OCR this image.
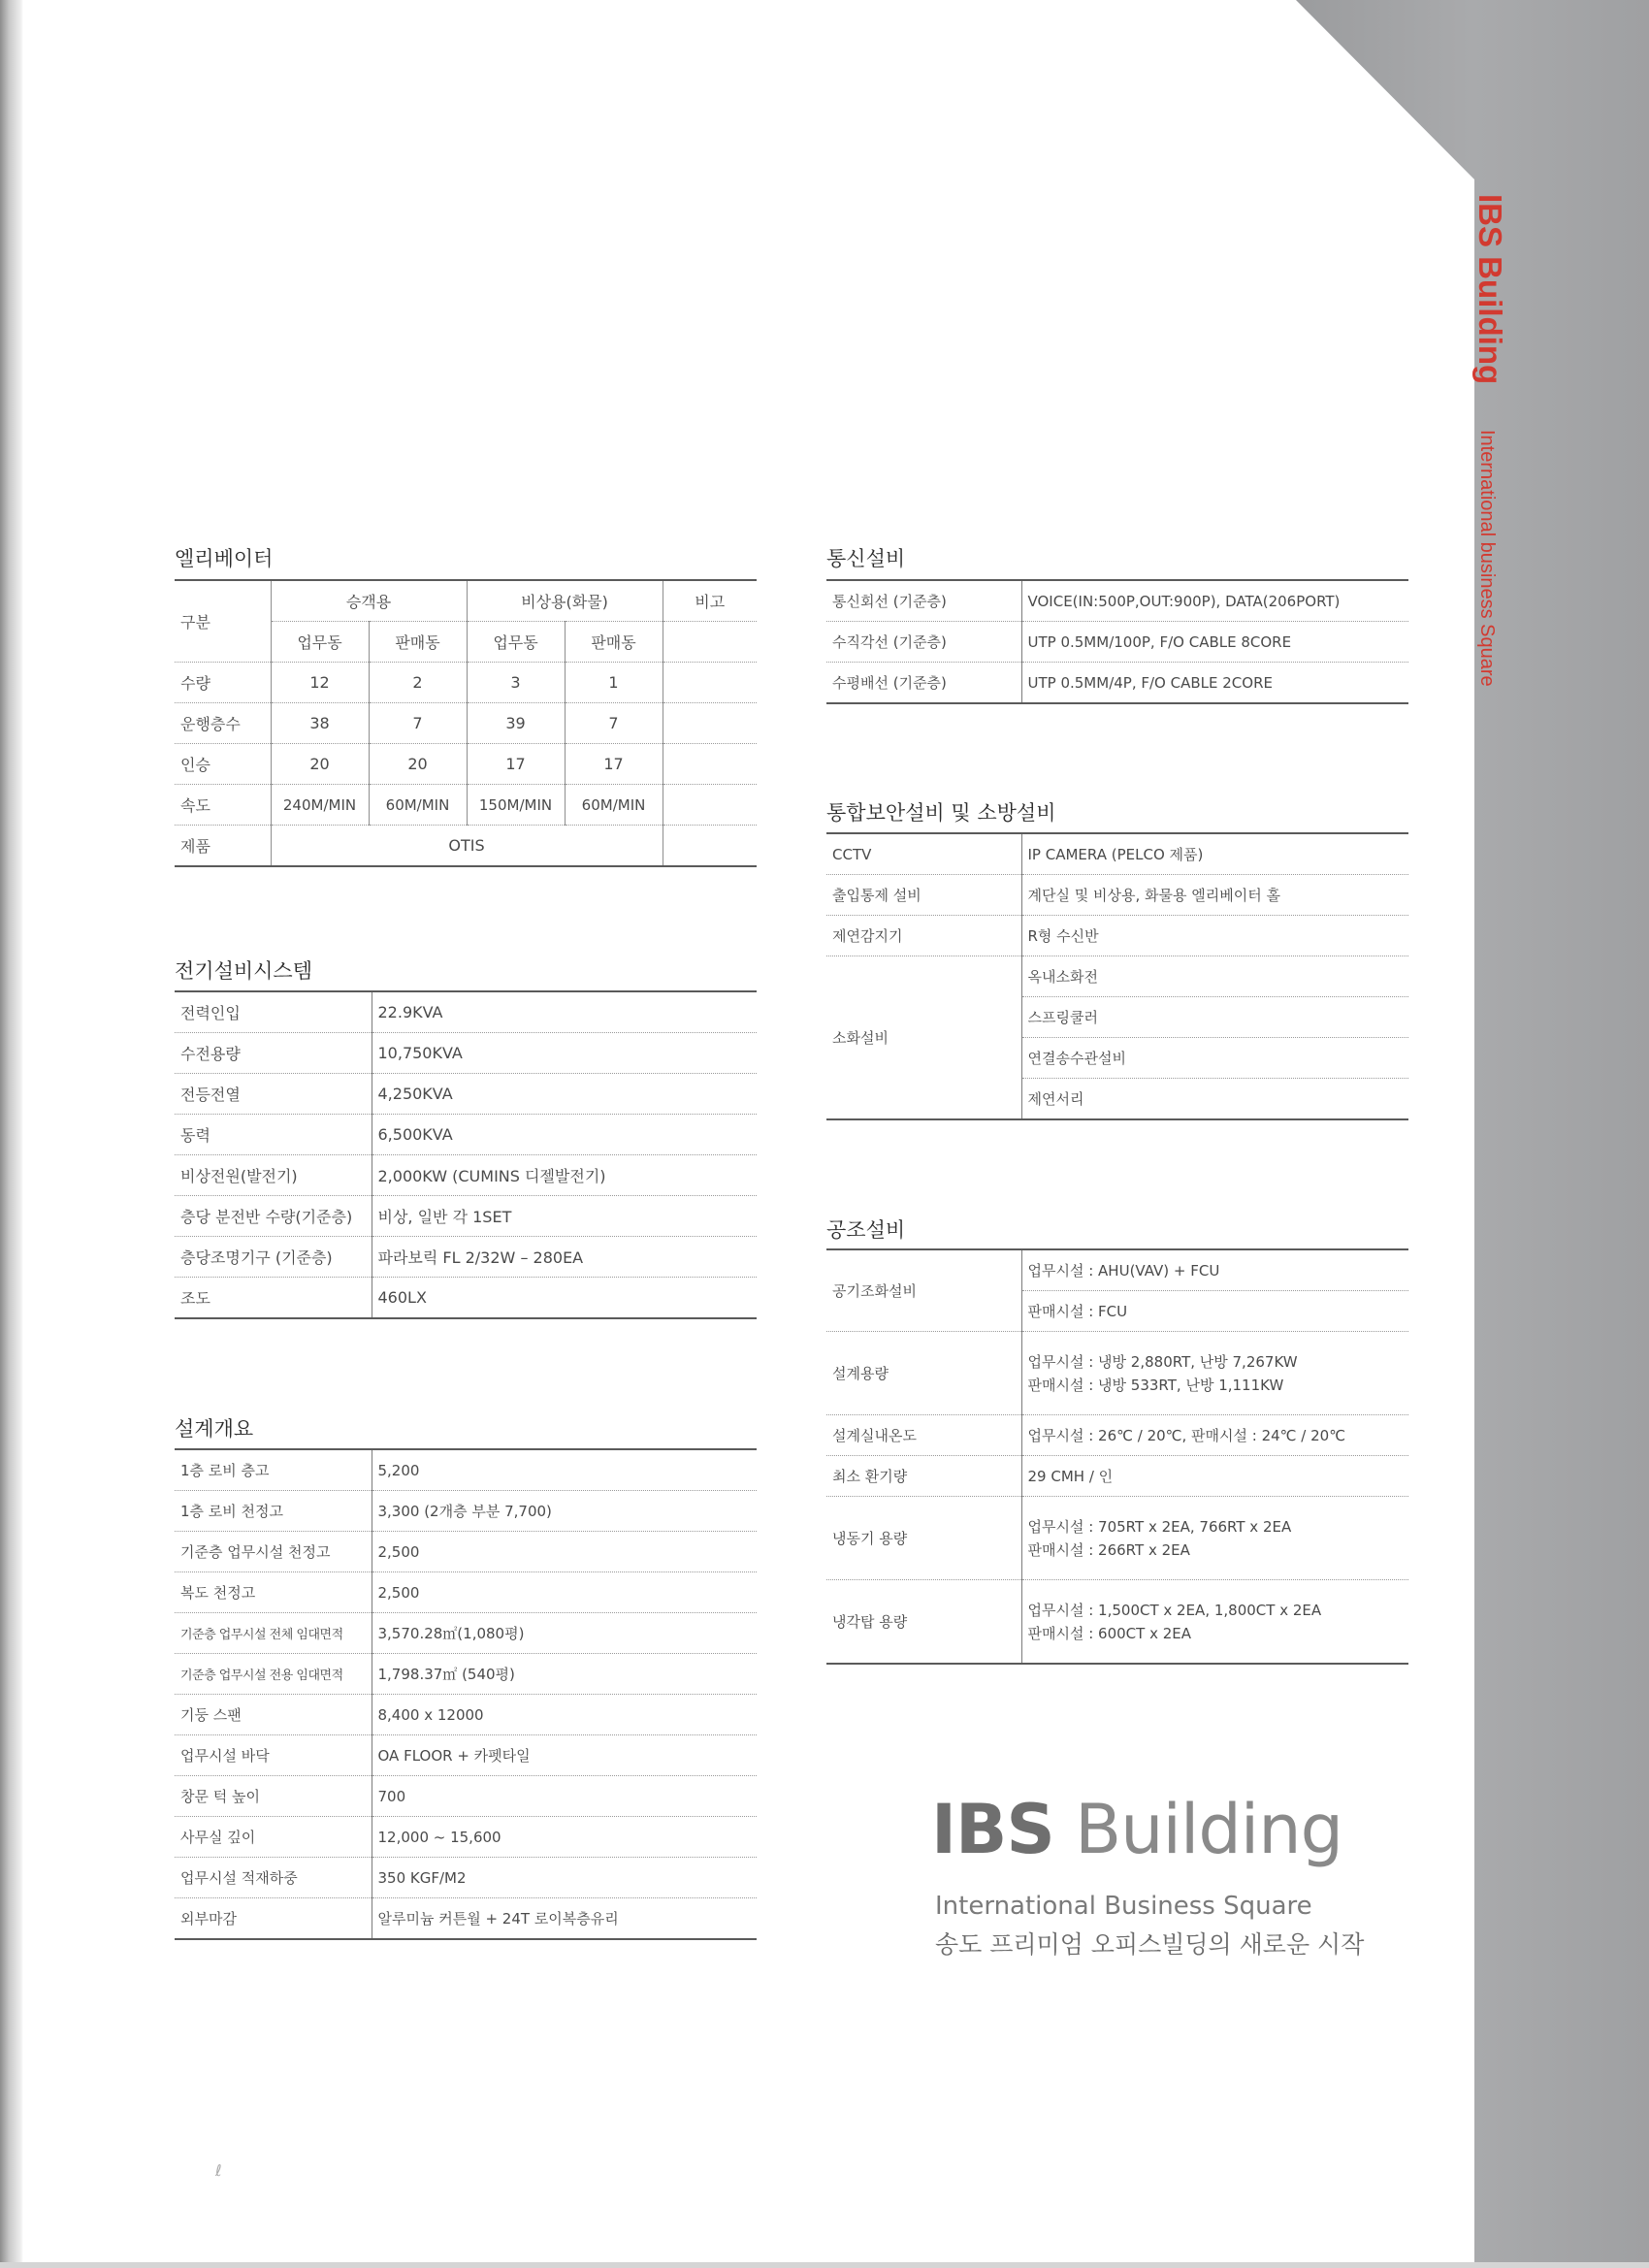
IBS Building
International business Square
엘리베이터
구분	승객용		비상용(화물)		비고
	업무동	판매동	업무동	판매동	
수량	12	2	3	1	
운행층수	38	7	39	7	
인승	20	20	17	17	
속도	240M/MIN	60M/MIN	150M/MIN	60M/MIN	
제품	OTIS				
전기설비시스템
전력인입	22.9KVA
수전용량	10,750KVA
전등전열	4,250KVA
동력	6,500KVA
비상전원(발전기)	2,000KW (CUMINS 디젤발전기)
층당 분전반 수량(기준층)	비상, 일반 각 1SET
층당조명기구 (기준층)	파라보릭 FL 2/32W – 280EA
조도	460LX
설계개요
1층 로비 층고	5,200
1층 로비 천정고	3,300 (2개층 부분 7,700)
기준층 업무시설 천정고	2,500
복도 천정고	2,500
기준층 업무시설 전체 임대면적	3,570.28㎡(1,080평)
기준층 업무시설 전용 임대면적	1,798.37㎡ (540평)
기둥 스팬	8,400 x 12000
업무시설 바닥	OA FLOOR + 카펫타일
창문 턱 높이	700
사무실 깊이	12,000 ~ 15,600
업무시설 적재하중	350 KGF/M2
외부마감	알루미늄 커튼월 + 24T 로이복층유리
통신설비
통신회선 (기준층)	VOICE(IN:500P,OUT:900P), DATA(206PORT)
수직각선 (기준층)	UTP 0.5MM/100P, F/O CABLE 8CORE
수평배선 (기준층)	UTP 0.5MM/4P, F/O CABLE 2CORE
통합보안설비 및 소방설비
CCTV	IP CAMERA (PELCO 제품)
출입통제 설비	계단실 및 비상용, 화물용 엘리베이터 홀
제연감지기	R형 수신반
소화설비	옥내소화전
	스프링쿨러
	연결송수관설비
	제연서리
공조설비
공기조화설비	업무시설 : AHU(VAV) + FCU
	판매시설 : FCU
설계용량	업무시설 : 냉방 2,880RT, 난방 7,267KW
판매시설 : 냉방 533RT, 난방 1,111KW

설계실내온도	업무시설 : 26℃ / 20℃, 판매시설 : 24℃ / 20℃
최소 환기량	29 CMH / 인
냉동기 용량	업무시설 : 705RT x 2EA, 766RT x 2EA
판매시설 : 266RT x 2EA

냉각탑 용량	업무시설 : 1,500CT x 2EA, 1,800CT x 2EA
판매시설 : 600CT x 2EA
IBS Building
International Business Square
송도 프리미엄 오피스빌딩의 새로운 시작
ℓ
